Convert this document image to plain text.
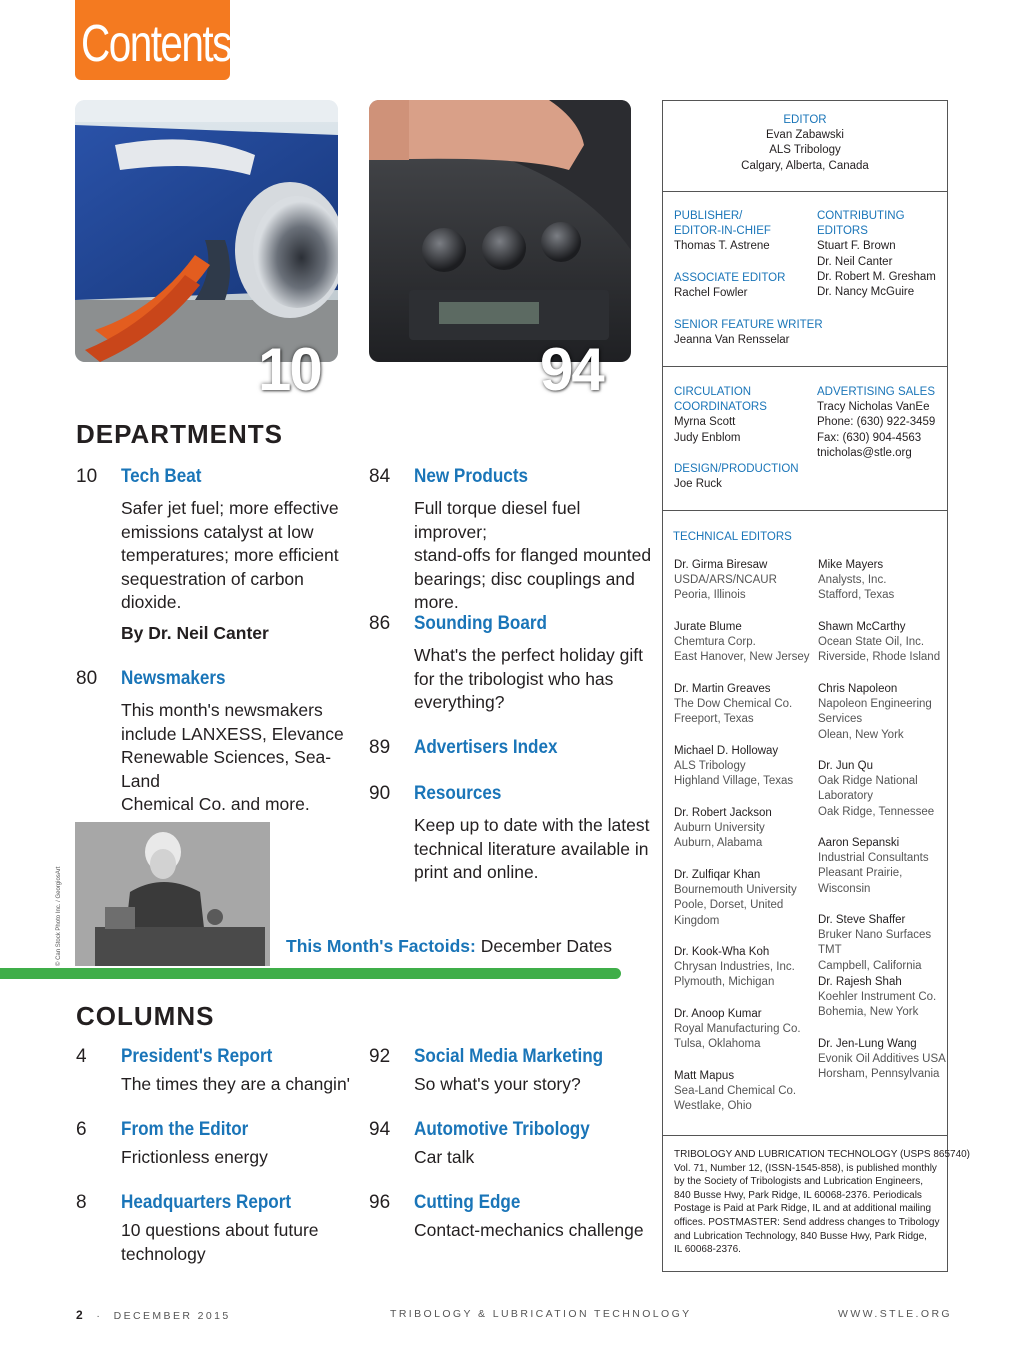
Contents
10	94
DEPARTMENTS
10 Tech Beat
Safer jet fuel; more effective
emissions catalyst at low
temperatures; more efficient
sequestration of carbon
dioxide.
By Dr. Neil Canter
80 Newsmakers
This month's newsmakers
include LANXESS, Elevance
Renewable Sciences, Sea-Land
Chemical Co. and more.
84 New Products
Full torque diesel fuel improver;
stand-offs for flanged mounted
bearings; disc couplings and
more.
86 Sounding Board
What's the perfect holiday gift
for the tribologist who has
everything?
89 Advertisers Index
90 Resources
Keep up to date with the latest
technical literature available in
print and online.
© Can Stock Photo Inc. / GeorgiosArt	This Month's Factoids: December Dates
COLUMNS
4 President's Report
The times they are a changin'
6 From the Editor
Frictionless energy
8 Headquarters Report
10 questions about future
technology
92 Social Media Marketing
So what's your story?
94 Automotive Tribology
Car talk
96 Cutting Edge
Contact-mechanics challenge
EDITOR
Evan Zabawski
ALS Tribology
Calgary, Alberta, Canada
PUBLISHER/
EDITOR-IN-CHIEF
Thomas T. Astrene
CONTRIBUTING
EDITORS
Stuart F. Brown
Dr. Neil Canter
Dr. Robert M. Gresham
Dr. Nancy McGuire
ASSOCIATE EDITOR
Rachel Fowler
SENIOR FEATURE WRITER
Jeanna Van Rensselar
CIRCULATION
COORDINATORS
Myrna Scott
Judy Enblom
ADVERTISING SALES
Tracy Nicholas VanEe
Phone: (630) 922-3459
Fax: (630) 904-4563
tnicholas@stle.org
DESIGN/PRODUCTION
Joe Ruck
TECHNICAL EDITORS
Dr. Girma Biresaw
USDA/ARS/NCAUR
Peoria, Illinois
Jurate Blume
Chemtura Corp.
East Hanover, New Jersey
Dr. Martin Greaves
The Dow Chemical Co.
Freeport, Texas
Michael D. Holloway
ALS Tribology
Highland Village, Texas
Dr. Robert Jackson
Auburn University
Auburn, Alabama
Dr. Zulfiqar Khan
Bournemouth University
Poole, Dorset, United
Kingdom
Dr. Kook-Wha Koh
Chrysan Industries, Inc.
Plymouth, Michigan
Dr. Anoop Kumar
Royal Manufacturing Co.
Tulsa, Oklahoma
Matt Mapus
Sea-Land Chemical Co.
Westlake, Ohio
Mike Mayers
Analysts, Inc.
Stafford, Texas
Shawn McCarthy
Ocean State Oil, Inc.
Riverside, Rhode Island
Chris Napoleon
Napoleon Engineering
Services
Olean, New York
Dr. Jun Qu
Oak Ridge National
Laboratory
Oak Ridge, Tennessee
Aaron Sepanski
Industrial Consultants
Pleasant Prairie,
Wisconsin
Dr. Steve Shaffer
Bruker Nano Surfaces TMT
Campbell, California
Dr. Rajesh Shah
Koehler Instrument Co.
Bohemia, New York
Dr. Jen-Lung Wang
Evonik Oil Additives USA
Horsham, Pennsylvania
TRIBOLOGY AND LUBRICATION TECHNOLOGY (USPS 865740)
Vol. 71, Number 12, (ISSN-1545-858), is published monthly
by the Society of Tribologists and Lubrication Engineers,
840 Busse Hwy, Park Ridge, IL 60068-2376. Periodicals
Postage is Paid at Park Ridge, IL and at additional mailing
offices. POSTMASTER: Send address changes to Tribology
and Lubrication Technology, 840 Busse Hwy, Park Ridge,
IL 60068-2376.
2 · DECEMBER 2015	TRIBOLOGY & LUBRICATION TECHNOLOGY	WWW.STLE.ORG
